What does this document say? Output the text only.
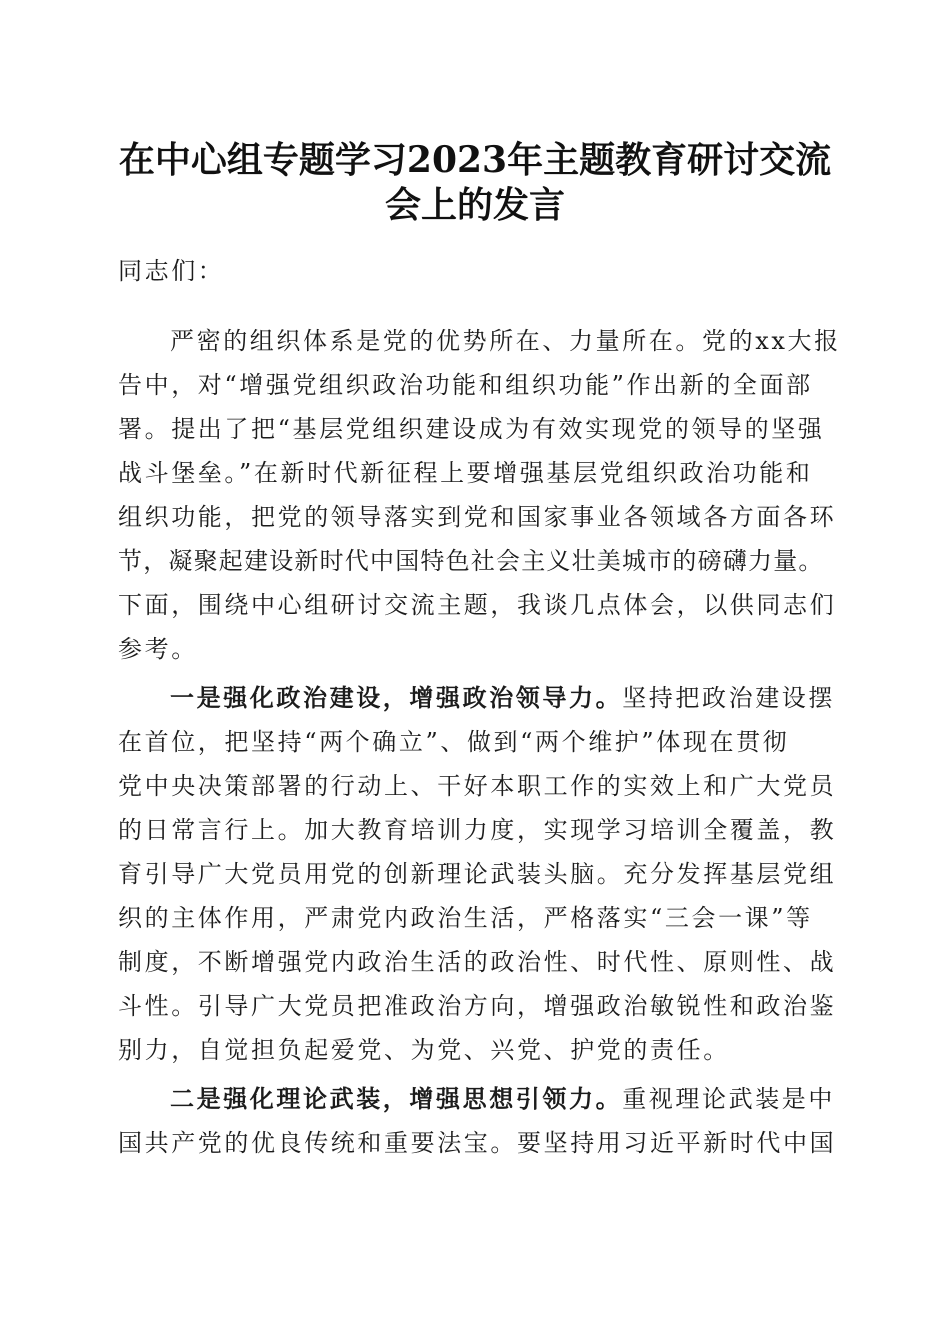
在中心组专题学习2023年主题教育研讨交流
会上的发言
同志们：
严密的组织体系是党的优势所在、力量所在。党的xx大报
告中，对“增强党组织政治功能和组织功能”作出新的全面部
署。提出了把“基层党组织建设成为有效实现党的领导的坚强
战斗堡垒。”在新时代新征程上要增强基层党组织政治功能和
组织功能，把党的领导落实到党和国家事业各领域各方面各环
节，凝聚起建设新时代中国特色社会主义壮美城市的磅礴力量。
下面，围绕中心组研讨交流主题，我谈几点体会，以供同志们
参考。
一是强化政治建设，增强政治领导力。坚持把政治建设摆
在首位，把坚持“两个确立”、做到“两个维护”体现在贯彻
党中央决策部署的行动上、干好本职工作的实效上和广大党员
的日常言行上。加大教育培训力度，实现学习培训全覆盖，教
育引导广大党员用党的创新理论武装头脑。充分发挥基层党组
织的主体作用，严肃党内政治生活，严格落实“三会一课”等
制度，不断增强党内政治生活的政治性、时代性、原则性、战
斗性。引导广大党员把准政治方向，增强政治敏锐性和政治鉴
别力，自觉担负起爱党、为党、兴党、护党的责任。
二是强化理论武装，增强思想引领力。重视理论武装是中
国共产党的优良传统和重要法宝。要坚持用习近平新时代中国
